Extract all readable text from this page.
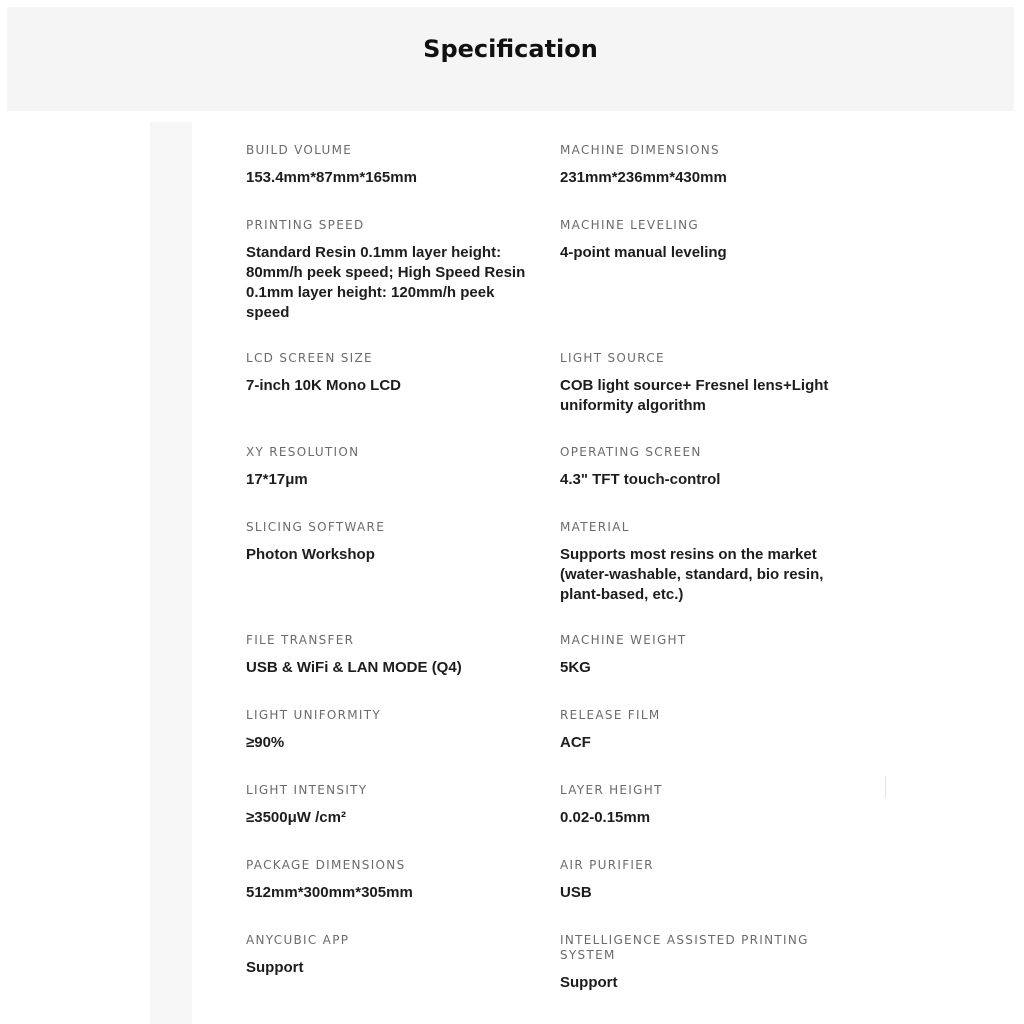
Specification
BUILD VOLUME
153.4mm*87mm*165mm
MACHINE DIMENSIONS
231mm*236mm*430mm
PRINTING SPEED
Standard Resin 0.1mm layer height: 80mm/h peek speed; High Speed Resin 0.1mm layer height: 120mm/h peek speed
MACHINE LEVELING
4-point manual leveling
LCD SCREEN SIZE
7-inch 10K Mono LCD
LIGHT SOURCE
COB light source+ Fresnel lens+Light uniformity algorithm
XY RESOLUTION
17*17μm
OPERATING SCREEN
4.3" TFT touch-control
SLICING SOFTWARE
Photon Workshop
MATERIAL
Supports most resins on the market (water-washable, standard, bio resin, plant-based, etc.)
FILE TRANSFER
USB & WiFi & LAN MODE (Q4)
MACHINE WEIGHT
5KG
LIGHT UNIFORMITY
≥90%
RELEASE FILM
ACF
LIGHT INTENSITY
≥3500μW /cm²
LAYER HEIGHT
0.02-0.15mm
PACKAGE DIMENSIONS
512mm*300mm*305mm
AIR PURIFIER
USB
ANYCUBIC APP
Support
INTELLIGENCE ASSISTED PRINTING SYSTEM
Support
